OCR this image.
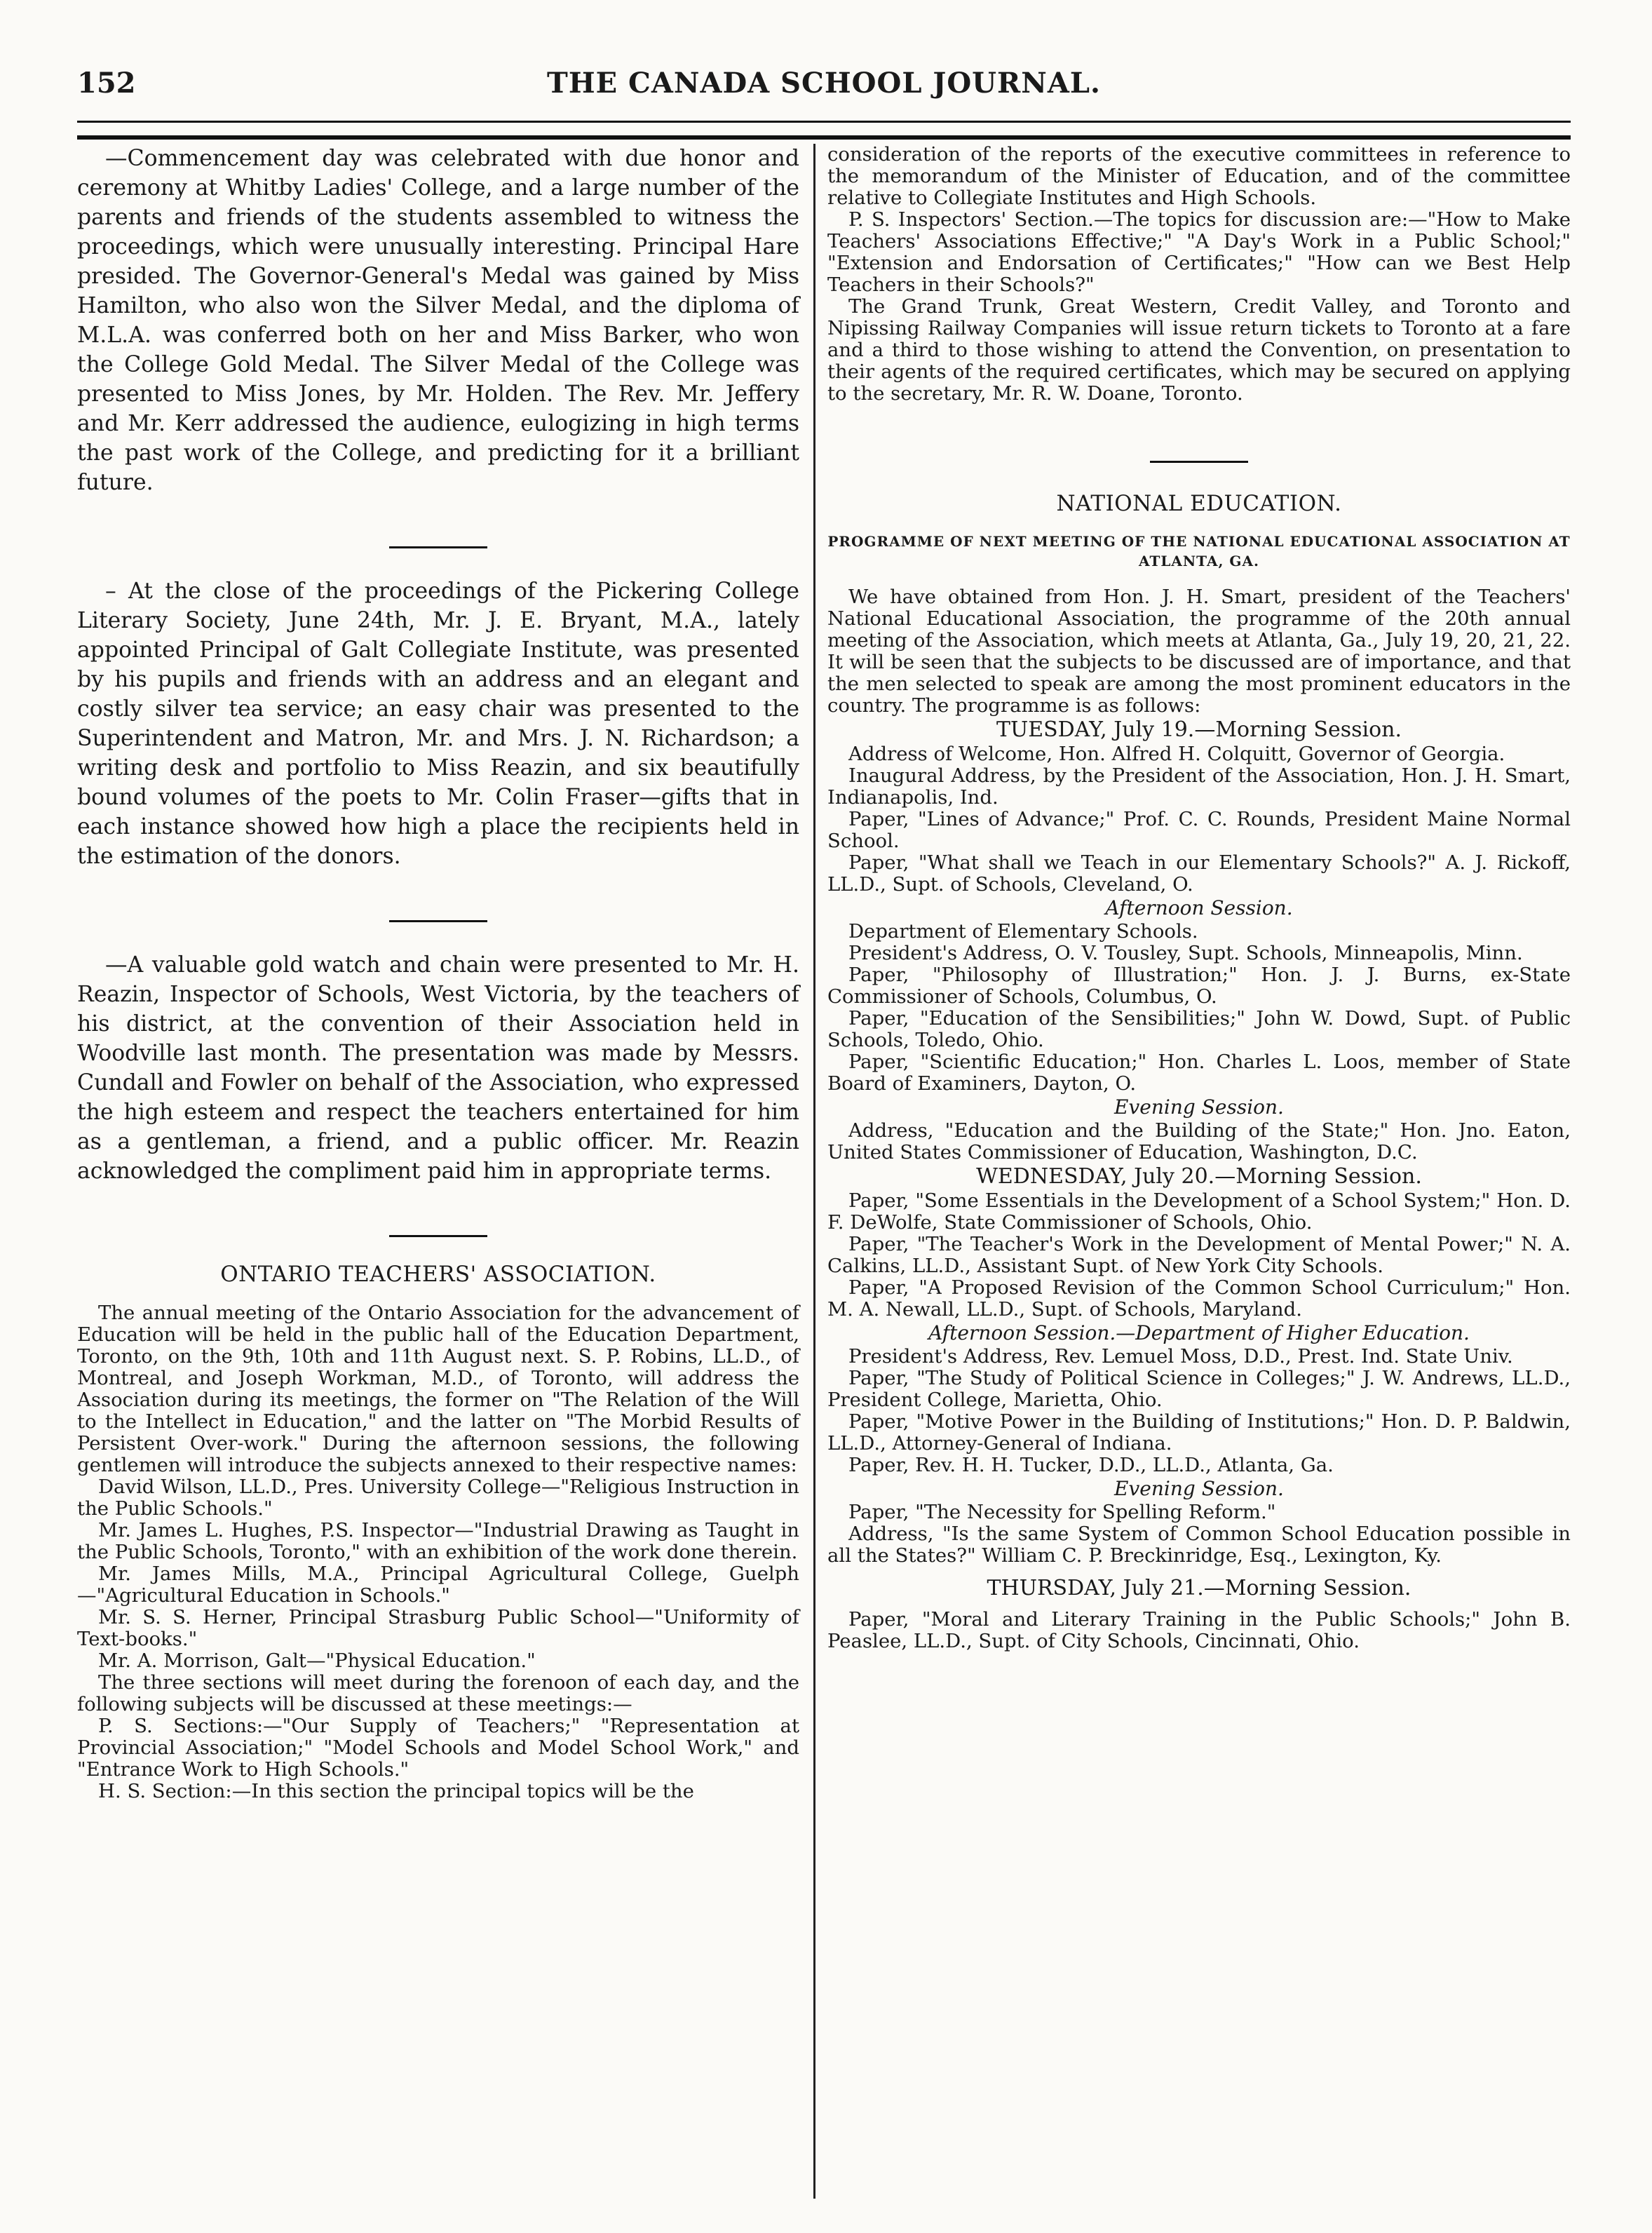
152	THE CANADA SCHOOL JOURNAL.

—Commencement day was celebrated with due honor and ceremony at Whitby Ladies' College, and a large number of the parents and friends of the students assembled to witness the proceedings, which were unusually interesting. Principal Hare presided. The Governor-General's Medal was gained by Miss Hamilton, who also won the Silver Medal, and the diploma of M.L.A. was conferred both on her and Miss Barker, who won the College Gold Medal. The Silver Medal of the College was presented to Miss Jones, by Mr. Holden. The Rev. Mr. Jeffery and Mr. Kerr addressed the audience, eulogizing in high terms the past work of the College, and predicting for it a brilliant future.

– At the close of the proceedings of the Pickering College Literary Society, June 24th, Mr. J. E. Bryant, M.A., lately appointed Principal of Galt Collegiate Institute, was presented by his pupils and friends with an address and an elegant and costly silver tea service; an easy chair was presented to the Superintendent and Matron, Mr. and Mrs. J. N. Richardson; a writing desk and portfolio to Miss Reazin, and six beautifully bound volumes of the poets to Mr. Colin Fraser—gifts that in each instance showed how high a place the recipients held in the estimation of the donors.

—A valuable gold watch and chain were presented to Mr. H. Reazin, Inspector of Schools, West Victoria, by the teachers of his district, at the convention of their Association held in Woodville last month. The presentation was made by Messrs. Cundall and Fowler on behalf of the Association, who expressed the high esteem and respect the teachers entertained for him as a gentleman, a friend, and a public officer. Mr. Reazin acknowledged the compliment paid him in appropriate terms.

ONTARIO TEACHERS' ASSOCIATION.

The annual meeting of the Ontario Association for the advancement of Education will be held in the public hall of the Education Department, Toronto, on the 9th, 10th and 11th August next. S. P. Robins, LL.D., of Montreal, and Joseph Workman, M.D., of Toronto, will address the Association during its meetings, the former on "The Relation of the Will to the Intellect in Education," and the latter on "The Morbid Results of Persistent Over-work." During the afternoon sessions, the following gentlemen will introduce the subjects annexed to their respective names:

David Wilson, LL.D., Pres. University College—"Religious Instruction in the Public Schools."

Mr. James L. Hughes, P.S. Inspector—"Industrial Drawing as Taught in the Public Schools, Toronto," with an exhibition of the work done therein.

Mr. James Mills, M.A., Principal Agricultural College, Guelph—"Agricultural Education in Schools."

Mr. S. S. Herner, Principal Strasburg Public School—"Uniformity of Text-books."

Mr. A. Morrison, Galt—"Physical Education."

The three sections will meet during the forenoon of each day, and the following subjects will be discussed at these meetings:—

P. S. Sections:—"Our Supply of Teachers;" "Representation at Provincial Association;" "Model Schools and Model School Work," and "Entrance Work to High Schools."

H. S. Section:—In this section the principal topics will be the

consideration of the reports of the executive committees in reference to the memorandum of the Minister of Education, and of the committee relative to Collegiate Institutes and High Schools.

P. S. Inspectors' Section.—The topics for discussion are:—"How to Make Teachers' Associations Effective;" "A Day's Work in a Public School;" "Extension and Endorsation of Certificates;" "How can we Best Help Teachers in their Schools?"

The Grand Trunk, Great Western, Credit Valley, and Toronto and Nipissing Railway Companies will issue return tickets to Toronto at a fare and a third to those wishing to attend the Convention, on presentation to their agents of the required certificates, which may be secured on applying to the secretary, Mr. R. W. Doane, Toronto.

NATIONAL EDUCATION.
PROGRAMME OF NEXT MEETING OF THE NATIONAL EDUCATIONAL ASSOCIATION AT ATLANTA, GA.

We have obtained from Hon. J. H. Smart, president of the Teachers' National Educational Association, the programme of the 20th annual meeting of the Association, which meets at Atlanta, Ga., July 19, 20, 21, 22. It will be seen that the subjects to be discussed are of importance, and that the men selected to speak are among the most prominent educators in the country. The programme is as follows:

TUESDAY, July 19.—Morning Session.

Address of Welcome, Hon. Alfred H. Colquitt, Governor of Georgia.

Inaugural Address, by the President of the Association, Hon. J. H. Smart, Indianapolis, Ind.

Paper, "Lines of Advance;" Prof. C. C. Rounds, President Maine Normal School.

Paper, "What shall we Teach in our Elementary Schools?" A. J. Rickoff, LL.D., Supt. of Schools, Cleveland, O.

Afternoon Session.

Department of Elementary Schools.

President's Address, O. V. Tousley, Supt. Schools, Minneapolis, Minn.

Paper, "Philosophy of Illustration;" Hon. J. J. Burns, ex-State Commissioner of Schools, Columbus, O.

Paper, "Education of the Sensibilities;" John W. Dowd, Supt. of Public Schools, Toledo, Ohio.

Paper, "Scientific Education;" Hon. Charles L. Loos, member of State Board of Examiners, Dayton, O.

Evening Session.

Address, "Education and the Building of the State;" Hon. Jno. Eaton, United States Commissioner of Education, Washington, D.C.

WEDNESDAY, July 20.—Morning Session.

Paper, "Some Essentials in the Development of a School System;" Hon. D. F. DeWolfe, State Commissioner of Schools, Ohio.

Paper, "The Teacher's Work in the Development of Mental Power;" N. A. Calkins, LL.D., Assistant Supt. of New York City Schools.

Paper, "A Proposed Revision of the Common School Curriculum;" Hon. M. A. Newall, LL.D., Supt. of Schools, Maryland.

Afternoon Session.—Department of Higher Education.

President's Address, Rev. Lemuel Moss, D.D., Prest. Ind. State Univ.

Paper, "The Study of Political Science in Colleges;" J. W. Andrews, LL.D., President College, Marietta, Ohio.

Paper, "Motive Power in the Building of Institutions;" Hon. D. P. Baldwin, LL.D., Attorney-General of Indiana.

Paper, Rev. H. H. Tucker, D.D., LL.D., Atlanta, Ga.

Evening Session.

Paper, "The Necessity for Spelling Reform."

Address, "Is the same System of Common School Education possible in all the States?" William C. P. Breckinridge, Esq., Lexington, Ky.

THURSDAY, July 21.—Morning Session.

Paper, "Moral and Literary Training in the Public Schools;" John B. Peaslee, LL.D., Supt. of City Schools, Cincinnati, Ohio.
